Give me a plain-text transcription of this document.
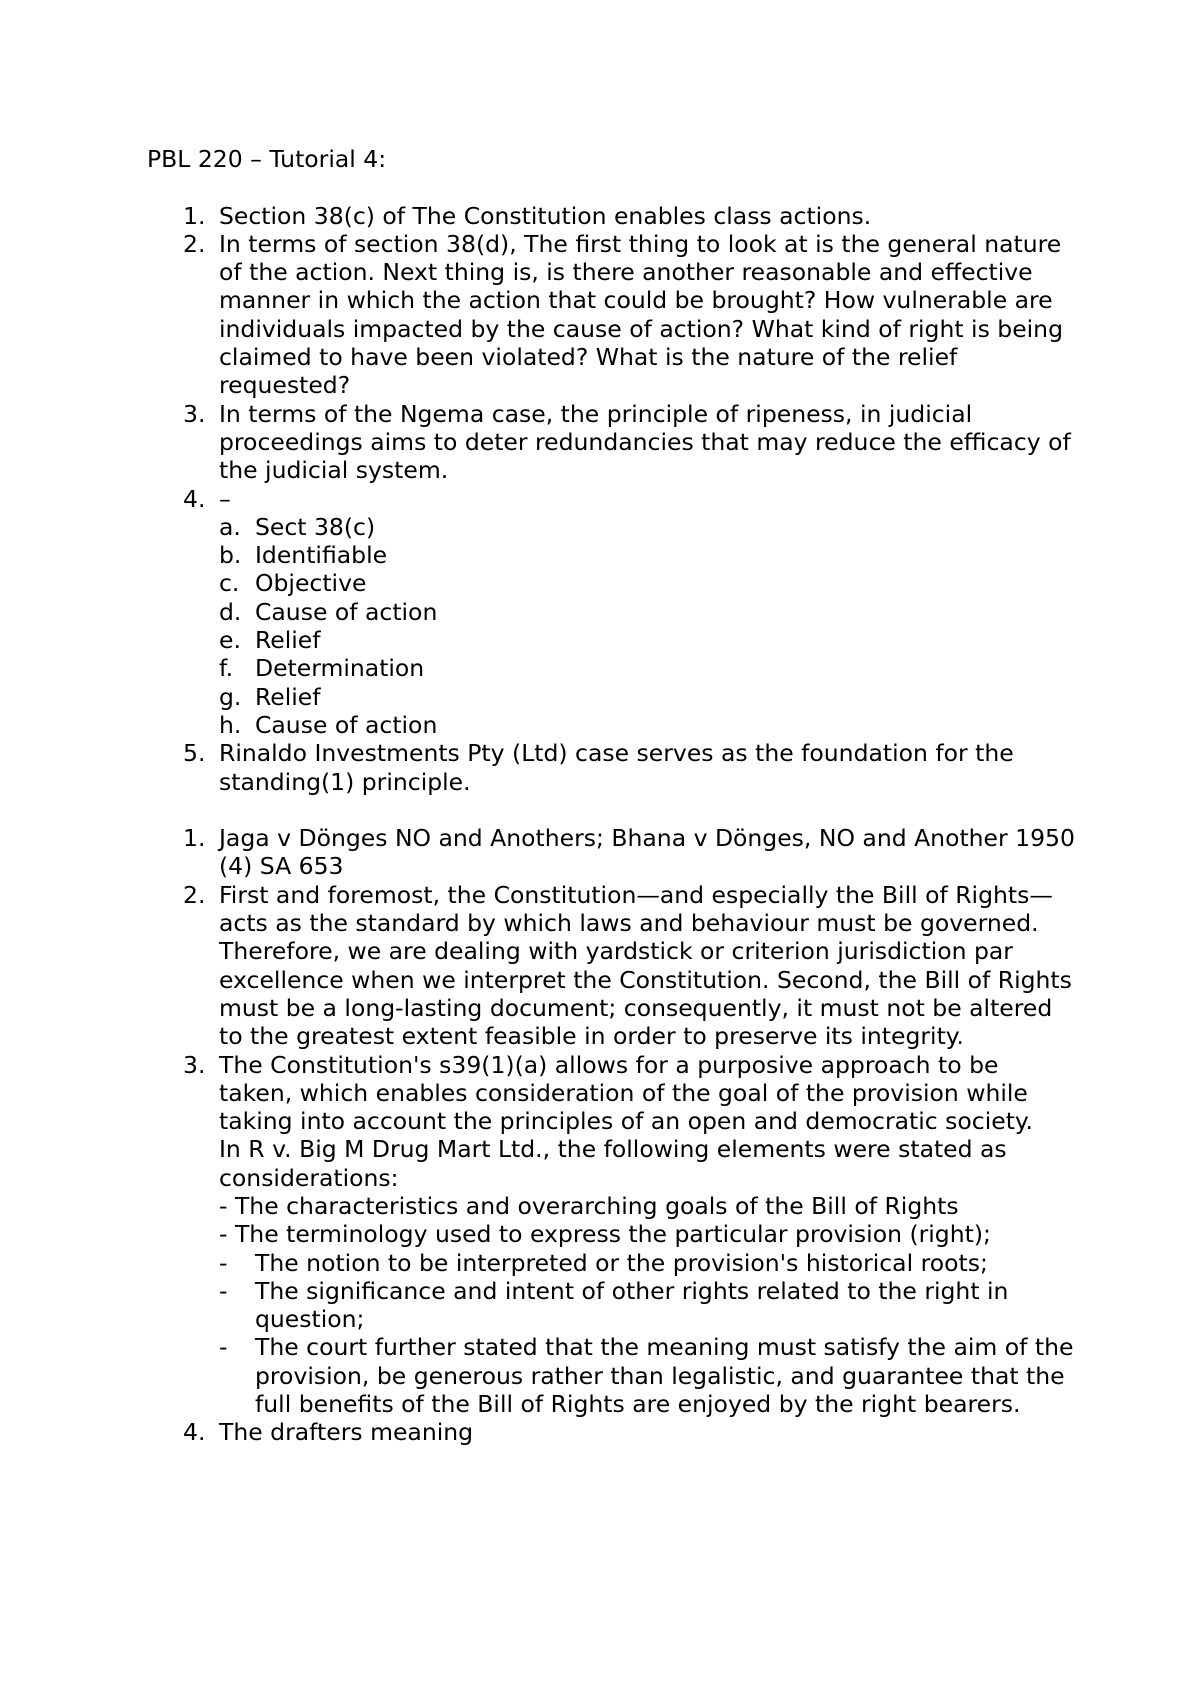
PBL 220 – Tutorial 4:
1. Section 38(c) of The Constitution enables class actions.
2. In terms of section 38(d), The first thing to look at is the general nature of the action. Next thing is, is there another reasonable and effective manner in which the action that could be brought? How vulnerable are individuals impacted by the cause of action? What kind of right is being claimed to have been violated? What is the nature of the relief requested?
3. In terms of the Ngema case, the principle of ripeness, in judicial proceedings aims to deter redundancies that may reduce the efficacy of the judicial system.
4. –
a. Sect 38(c)
b. Identifiable
c. Objective
d. Cause of action
e. Relief
f. Determination
g. Relief
h. Cause of action
5. Rinaldo Investments Pty (Ltd) case serves as the foundation for the standing(1) principle.
1. Jaga v Dönges NO and Anothers; Bhana v Dönges, NO and Another 1950 (4) SA 653
2. First and foremost, the Constitution—and especially the Bill of Rights—acts as the standard by which laws and behaviour must be governed. Therefore, we are dealing with yardstick or criterion jurisdiction par excellence when we interpret the Constitution. Second, the Bill of Rights must be a long-lasting document; consequently, it must not be altered to the greatest extent feasible in order to preserve its integrity.
3. The Constitution's s39(1)(a) allows for a purposive approach to be taken, which enables consideration of the goal of the provision while taking into account the principles of an open and democratic society.
In R v. Big M Drug Mart Ltd., the following elements were stated as considerations:
- The characteristics and overarching goals of the Bill of Rights
- The terminology used to express the particular provision (right);
-	The notion to be interpreted or the provision's historical roots;
-	The significance and intent of other rights related to the right in question;
-	The court further stated that the meaning must satisfy the aim of the provision, be generous rather than legalistic, and guarantee that the full benefits of the Bill of Rights are enjoyed by the right bearers.
4. The drafters meaning
